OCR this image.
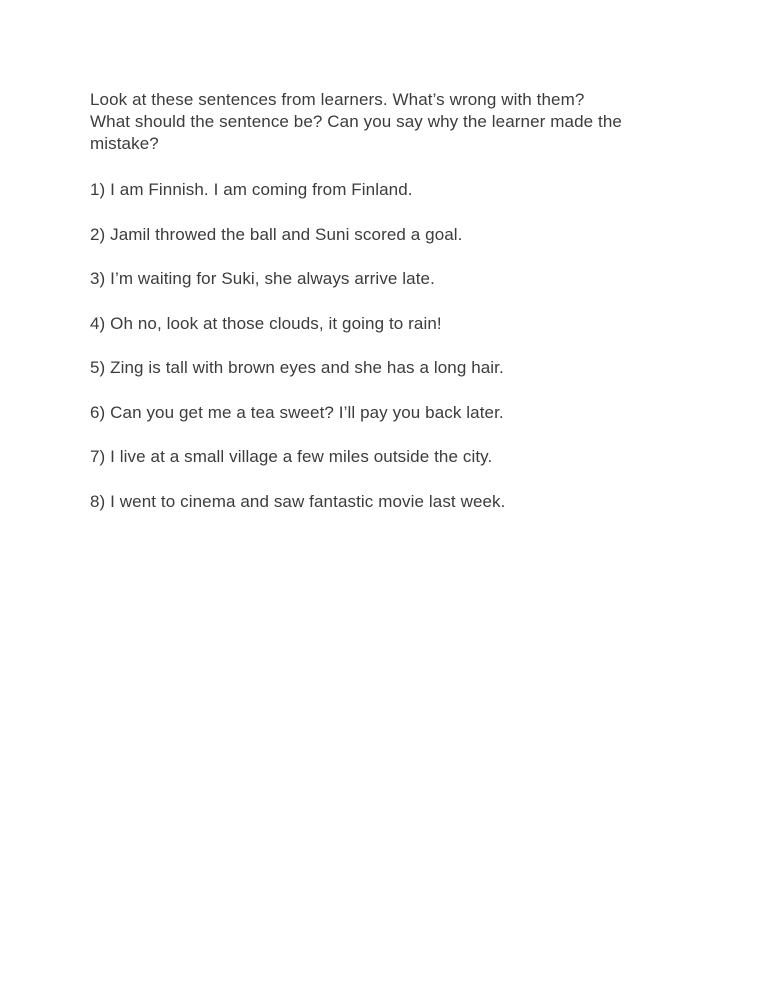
Look at these sentences from learners. What’s wrong with them?
What should the sentence be? Can you say why the learner made the
mistake?

1) I am Finnish. I am coming from Finland.

2) Jamil throwed the ball and Suni scored a goal.

3) I’m waiting for Suki, she always arrive late.

4) Oh no, look at those clouds, it going to rain!

5) Zing is tall with brown eyes and she has a long hair.

6) Can you get me a tea sweet? I’ll pay you back later.

7) I live at a small village a few miles outside the city.

8) I went to cinema and saw fantastic movie last week.
